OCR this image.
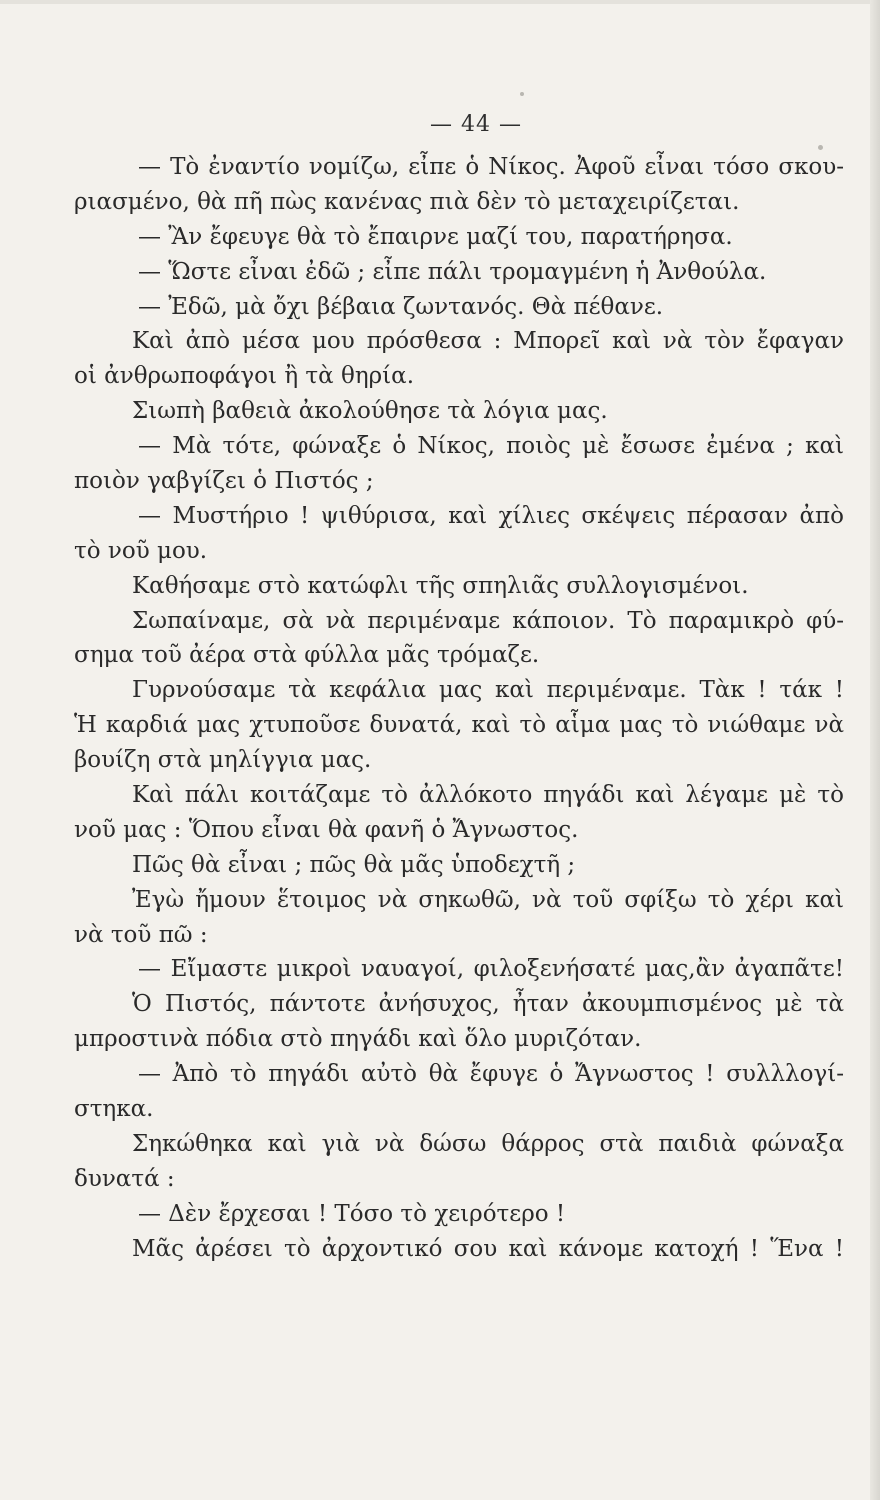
— 44 —
— Τὸ ἐναντίο νομίζω, εἶπε ὁ Νίκος. Ἀφοῦ εἶναι τόσο σκου-
ριασμένο, θὰ πῆ πὼς κανένας πιὰ δὲν τὸ μεταχειρίζεται.
— Ἂν ἔφευγε θὰ τὸ ἔπαιρνε μαζί του, παρατήρησα.
— Ὥστε εἶναι ἐδῶ ; εἶπε πάλι τρομαγμένη ἡ Ἀνθούλα.
— Ἐδῶ, μὰ ὄχι βέβαια ζωντανός. Θὰ πέθανε.
Καὶ ἀπὸ μέσα μου πρόσθεσα : Μπορεῖ καὶ νὰ τὸν ἔφαγαν
οἱ ἀνθρωποφάγοι ἢ τὰ θηρία.
Σιωπὴ βαθειὰ ἀκολούθησε τὰ λόγια μας.
— Μὰ τότε, φώναξε ὁ Νίκος, ποιὸς μὲ ἔσωσε ἐμένα ; καὶ
ποιὸν γαβγίζει ὁ Πιστός ;
— Μυστήριο ! ψιθύρισα, καὶ χίλιες σκέψεις πέρασαν ἀπὸ
τὸ νοῦ μου.
Καθήσαμε στὸ κατώφλι τῆς σπηλιᾶς συλλογισμένοι.
Σωπαίναμε, σὰ νὰ περιμέναμε κάποιον. Τὸ παραμικρὸ φύ-
σημα τοῦ ἀέρα στὰ φύλλα μᾶς τρόμαζε.
Γυρνούσαμε τὰ κεφάλια μας καὶ περιμέναμε. Τὰκ ! τάκ !
Ἡ καρδιά μας χτυποῦσε δυνατά, καὶ τὸ αἷμα μας τὸ νιώθαμε νὰ
βουίζη στὰ μηλίγγια μας.
Καὶ πάλι κοιτάζαμε τὸ ἀλλόκοτο πηγάδι καὶ λέγαμε μὲ τὸ
νοῦ μας : Ὅπου εἶναι θὰ φανῆ ὁ Ἄγνωστος.
Πῶς θὰ εἶναι ; πῶς θὰ μᾶς ὑποδεχτῆ ;
Ἐγὼ ἤμουν ἕτοιμος νὰ σηκωθῶ, νὰ τοῦ σφίξω τὸ χέρι καὶ
νὰ τοῦ πῶ :
— Εἴμαστε μικροὶ ναυαγοί, φιλοξενήσατέ μας,ἂν ἀγαπᾶτε!
Ὁ Πιστός, πάντοτε ἀνήσυχος, ἦταν ἀκουμπισμένος μὲ τὰ
μπροστινὰ πόδια στὸ πηγάδι καὶ ὅλο μυριζόταν.
— Ἀπὸ τὸ πηγάδι αὐτὸ θὰ ἔφυγε ὁ Ἄγνωστος ! συλλλογί-
στηκα.
Σηκώθηκα καὶ γιὰ νὰ δώσω θάρρος στὰ παιδιὰ φώναξα
δυνατά :
— Δὲν ἔρχεσαι ! Τόσο τὸ χειρότερο !
Μᾶς ἀρέσει τὸ ἀρχοντικό σου καὶ κάνομε κατοχή ! Ἕνα !
